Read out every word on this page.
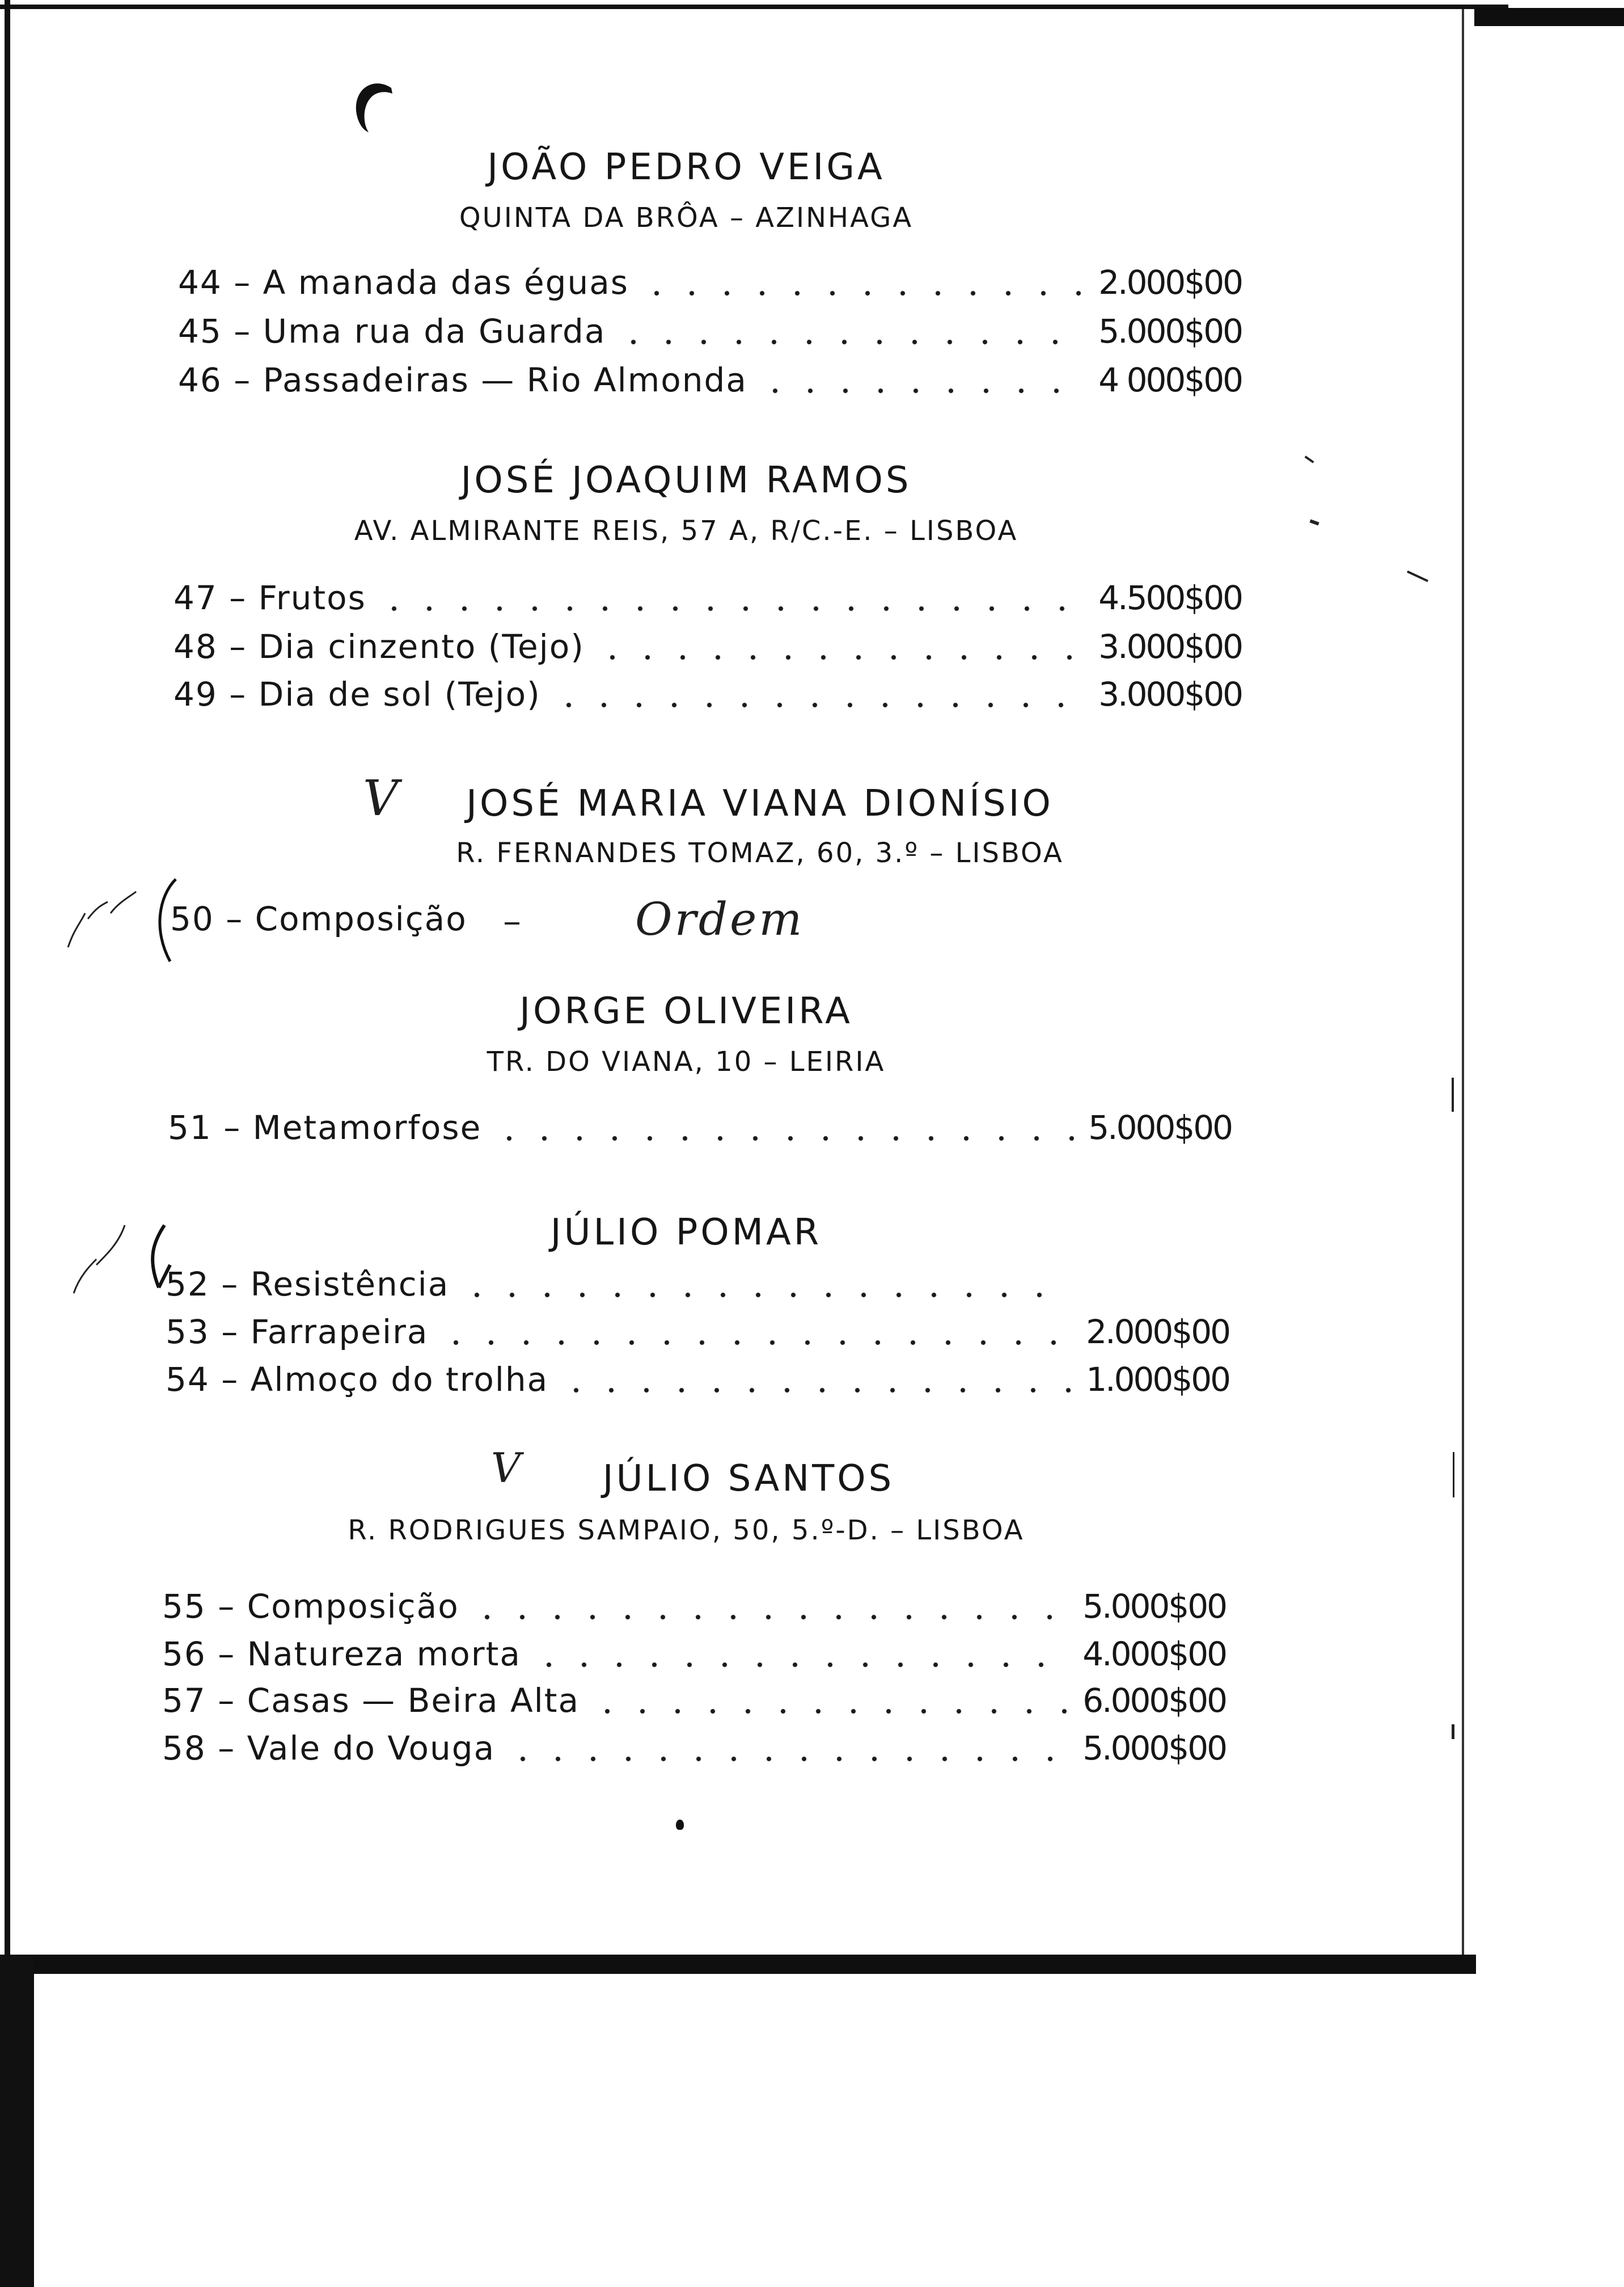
JOÃO PEDRO VEIGA
QUINTA DA BRÔA – AZINHAGA
44 – A manada das éguas	2.000$00
45 – Uma rua da Guarda	5.000$00
46 – Passadeiras — Rio Almonda	4 000$00
JOSÉ JOAQUIM RAMOS
AV. ALMIRANTE REIS, 57 A, R/C.-E. – LISBOA
47 – Frutos	4.500$00
48 – Dia cinzento (Tejo)	3.000$00
49 – Dia de sol (Tejo)	3.000$00
V	JOSÉ MARIA VIANA DIONÍSIO
R. FERNANDES TOMAZ, 60, 3.º – LISBOA
50 – Composição	Ordem
JORGE OLIVEIRA
TR. DO VIANA, 10 – LEIRIA
51 – Metamorfose	5.000$00
JÚLIO POMAR
52 – Resistência
53 – Farrapeira	2.000$00
54 – Almoço do trolha	1.000$00
V	JÚLIO SANTOS
R. RODRIGUES SAMPAIO, 50, 5.º-D. – LISBOA
55 – Composição	5.000$00
56 – Natureza morta	4.000$00
57 – Casas — Beira Alta	6.000$00
58 – Vale do Vouga	5.000$00
